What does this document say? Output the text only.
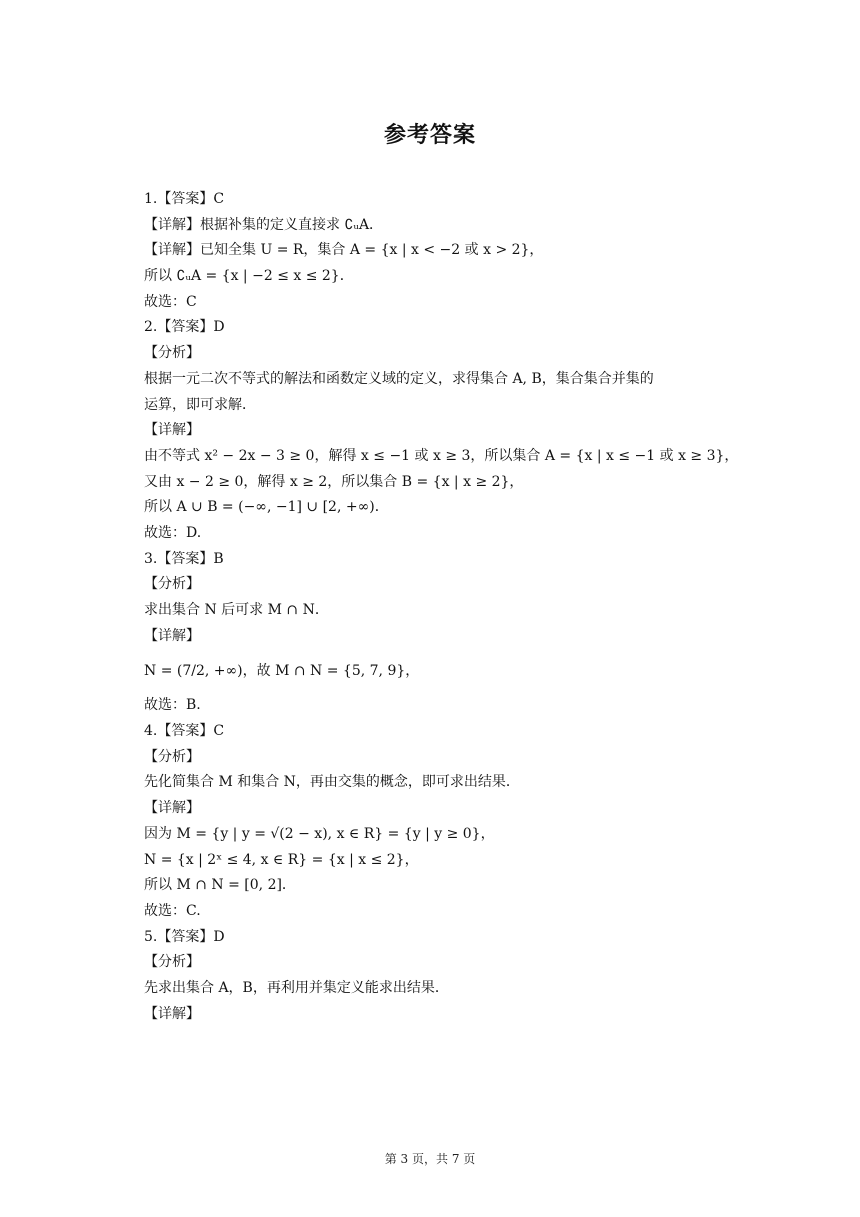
参考答案
1.【答案】C
【详解】根据补集的定义直接求 ∁ᵤA．
【详解】已知全集 U = R，集合 A = {x | x < −2 或 x > 2}，
所以 ∁ᵤA = {x | −2 ≤ x ≤ 2}．
故选：C
2.【答案】D
【分析】
根据一元二次不等式的解法和函数定义域的定义，求得集合 A, B，集合集合并集的
运算，即可求解．
【详解】
由不等式 x² − 2x − 3 ≥ 0，解得 x ≤ −1 或 x ≥ 3，所以集合 A = {x | x ≤ −1 或 x ≥ 3}，
又由 x − 2 ≥ 0，解得 x ≥ 2，所以集合 B = {x | x ≥ 2}，
所以 A ∪ B = (−∞, −1] ∪ [2, +∞)．
故选：D.
3.【答案】B
【分析】
求出集合 N 后可求 M ∩ N．
【详解】
N = (7/2, +∞)，故 M ∩ N = {5, 7, 9}，
故选：B.
4.【答案】C
【分析】
先化简集合 M 和集合 N，再由交集的概念，即可求出结果．
【详解】
因为 M = {y | y = √(2 − x), x ∈ R} = {y | y ≥ 0}，
N = {x | 2ˣ ≤ 4, x ∈ R} = {x | x ≤ 2}，
所以 M ∩ N = [0, 2]．
故选：C.
5.【答案】D
【分析】
先求出集合 A，B，再利用并集定义能求出结果．
【详解】
第 3 页，共 7 页
